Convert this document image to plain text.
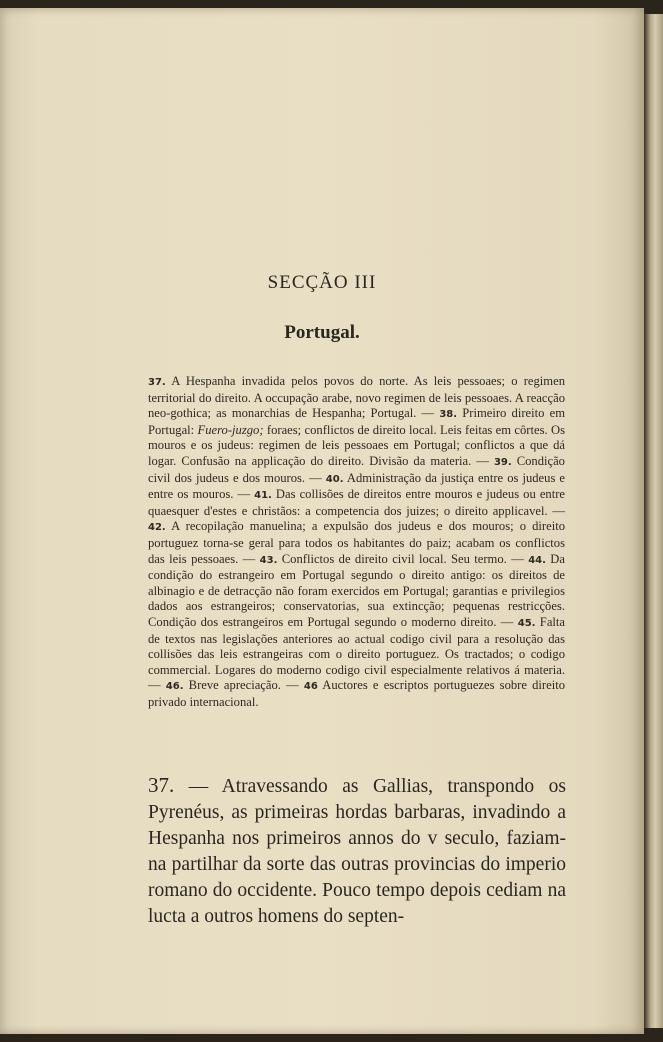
SECÇÃO III
Portugal.
37. A Hespanha invadida pelos povos do norte. As leis pessoaes; o regimen territorial do direito. A occupação arabe, novo regimen de leis pessoaes. A reacção neo-gothica; as monarchias de Hespanha; Portugal. — 38. Primeiro direito em Portugal: Fuero-juzgo; foraes; conflictos de direito local. Leis feitas em côrtes. Os mouros e os judeus: regimen de leis pessoaes em Portugal; conflictos a que dá logar. Confusão na applicação do direito. Divisão da materia. — 39. Condição civil dos judeus e dos mouros. — 40. Administração da justiça entre os judeus e entre os mouros. — 41. Das collisões de direitos entre mouros e judeus ou entre quaesquer d'estes e christãos: a competencia dos juizes; o direito applicavel. — 42. A recopilação manuelina; a expulsão dos judeus e dos mouros; o direito portuguez torna-se geral para todos os habitantes do paiz; acabam os conflictos das leis pessoaes. — 43. Conflictos de direito civil local. Seu termo. — 44. Da condição do estrangeiro em Portugal segundo o direito antigo: os direitos de albinagio e de detracção não foram exercidos em Portugal; garantias e privilegios dados aos estrangeiros; conservatorias, sua extincção; pequenas restricções. Condição dos estrangeiros em Portugal segundo o moderno direito. — 45. Falta de textos nas legislações anteriores ao actual codigo civil para a resolução das collisões das leis estrangeiras com o direito portuguez. Os tractados; o codigo commercial. Logares do moderno codigo civil especialmente relativos á materia. — 46. Breve apreciação. — 46 Auctores e escriptos portuguezes sobre direito privado internacional.
37. — Atravessando as Gallias, transpondo os Pyrenéus, as primeiras hordas barbaras, invadindo a Hespanha nos primeiros annos do v seculo, faziam-na partilhar da sorte das outras provincias do imperio romano do occidente. Pouco tempo depois cediam na lucta a outros homens do septen-
